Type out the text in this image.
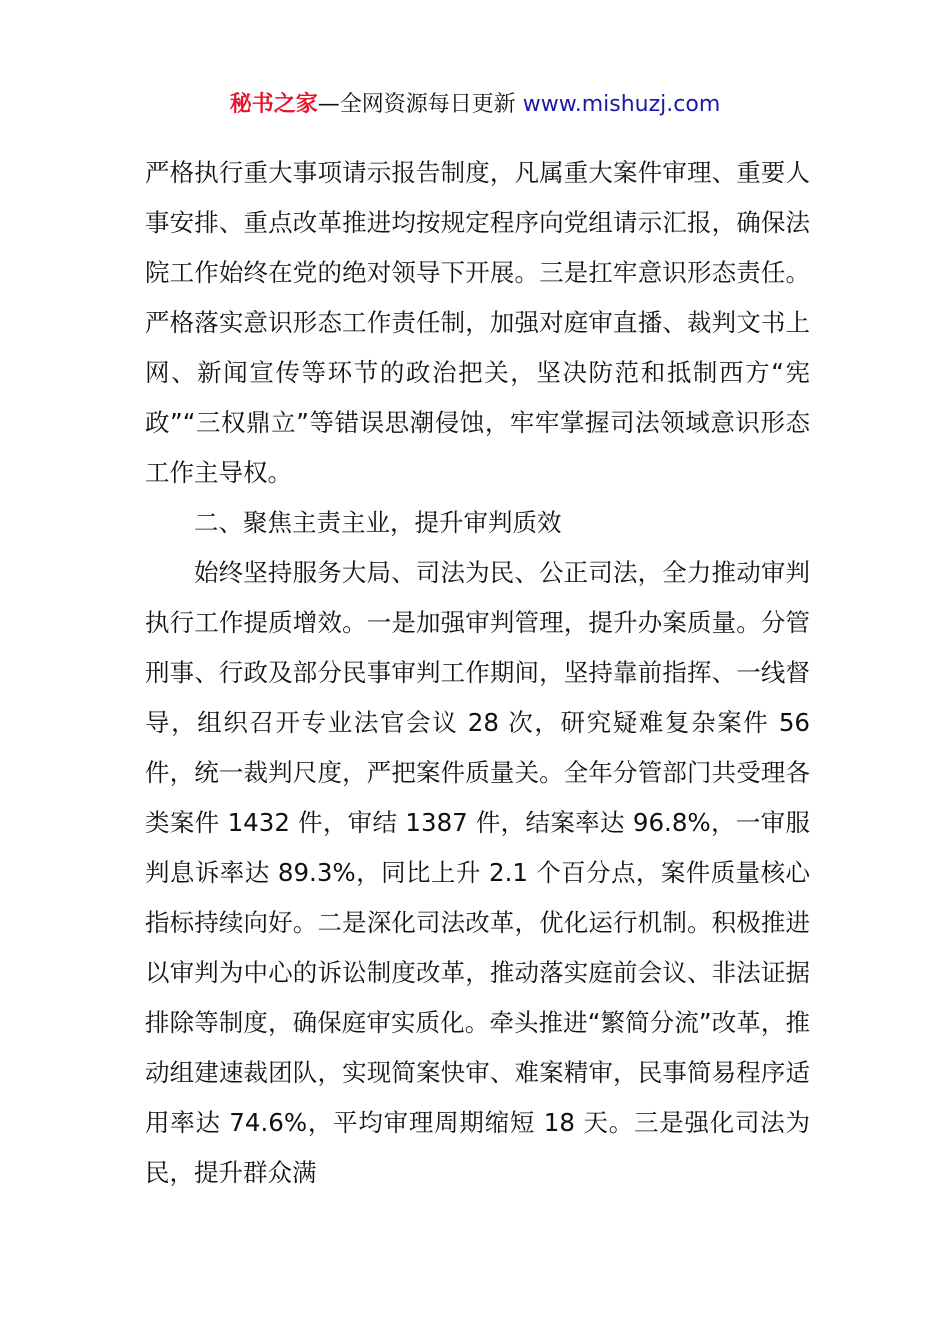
秘书之家—全网资源每日更新 www.mishuzj.com

严格执行重大事项请示报告制度，凡属重大案件审理、重要人事安排、重点改革推进均按规定程序向党组请示汇报，确保法院工作始终在党的绝对领导下开展。三是扛牢意识形态责任。严格落实意识形态工作责任制，加强对庭审直播、裁判文书上网、新闻宣传等环节的政治把关，坚决防范和抵制西方“宪政”“三权鼎立”等错误思潮侵蚀，牢牢掌握司法领域意识形态工作主导权。

二、聚焦主责主业，提升审判质效

始终坚持服务大局、司法为民、公正司法，全力推动审判执行工作提质增效。一是加强审判管理，提升办案质量。分管刑事、行政及部分民事审判工作期间，坚持靠前指挥、一线督导，组织召开专业法官会议 28 次，研究疑难复杂案件 56 件，统一裁判尺度，严把案件质量关。全年分管部门共受理各类案件 1432 件，审结 1387 件，结案率达 96.8%，一审服判息诉率达 89.3%，同比上升 2.1 个百分点，案件质量核心指标持续向好。二是深化司法改革，优化运行机制。积极推进以审判为中心的诉讼制度改革，推动落实庭前会议、非法证据排除等制度，确保庭审实质化。牵头推进“繁简分流”改革，推动组建速裁团队，实现简案快审、难案精审，民事简易程序适用率达 74.6%，平均审理周期缩短 18 天。三是强化司法为民，提升群众满
